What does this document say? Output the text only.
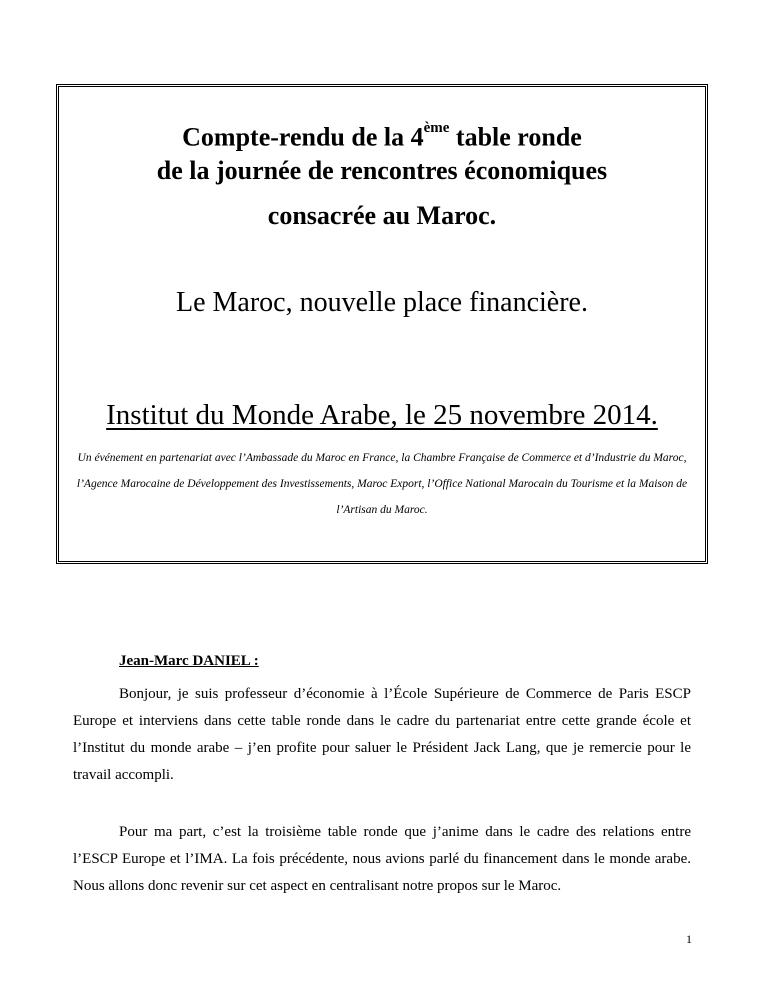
Compte-rendu de la 4ème table ronde
de la journée de rencontres économiques
consacrée au Maroc.
Le Maroc, nouvelle place financière.
Institut du Monde Arabe, le 25 novembre 2014.
Un événement en partenariat avec l’Ambassade du Maroc en France, la Chambre Française de Commerce et d’Industrie du Maroc, l’Agence Marocaine de Développement des Investissements, Maroc Export, l’Office National Marocain du Tourisme et la Maison de l’Artisan du Maroc.
Jean-Marc DANIEL :

Bonjour, je suis professeur d’économie à l’École Supérieure de Commerce de Paris ESCP Europe et interviens dans cette table ronde dans le cadre du partenariat entre cette grande école et l’Institut du monde arabe – j’en profite pour saluer le Président Jack Lang, que je remercie pour le travail accompli.

Pour ma part, c’est la troisième table ronde que j’anime dans le cadre des relations entre l’ESCP Europe et l’IMA. La fois précédente, nous avions parlé du financement dans le monde arabe. Nous allons donc revenir sur cet aspect en centralisant notre propos sur le Maroc.

1
